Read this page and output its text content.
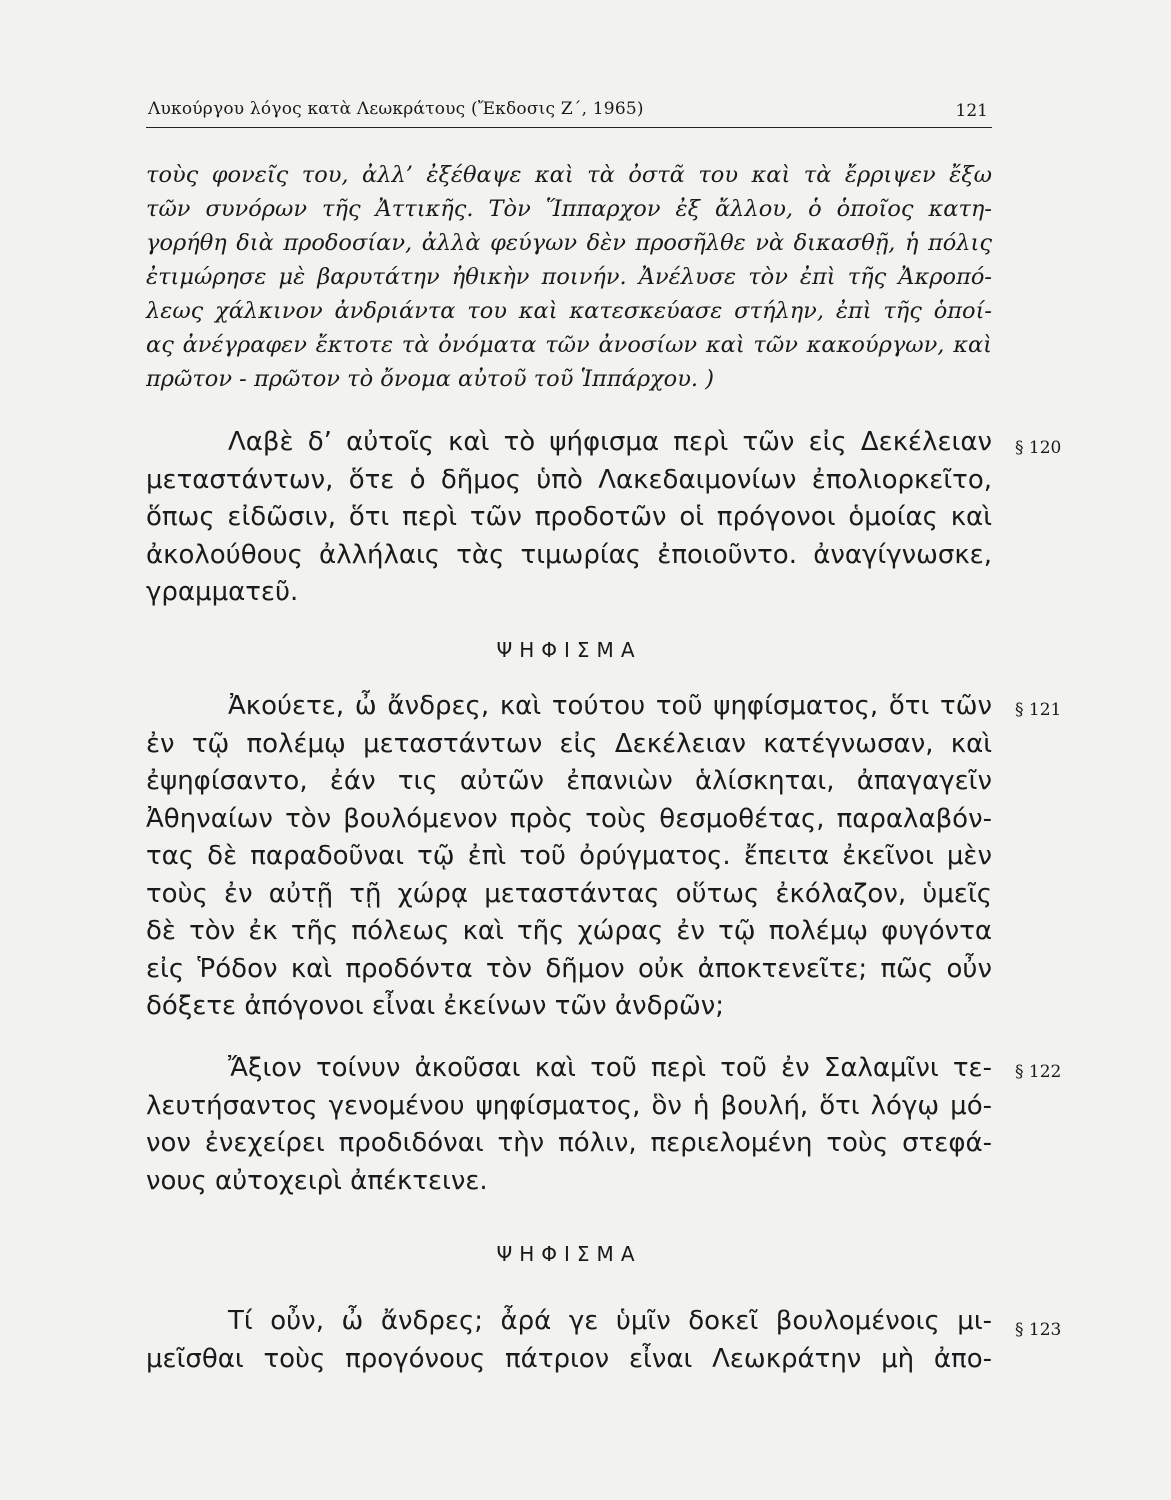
Λυκούργου λόγος κατὰ Λεωκράτους (Ἔκδοσις Ζ΄, 1965)	121
τοὺς φονεῖς του, ἀλλ’ ἐξέθαψε καὶ τὰ ὀστᾶ του καὶ τὰ ἔρριψεν ἔξω
τῶν συνόρων τῆς Ἀττικῆς. Τὸν Ἵππαρχον ἐξ ἄλλου, ὁ ὁποῖος κατη-
γορήθη διὰ προδοσίαν, ἀλλὰ φεύγων δὲν προσῆλθε νὰ δικασθῇ, ἡ πόλις
ἐτιμώρησε μὲ βαρυτάτην ἠθικὴν ποινήν. Ἀνέλυσε τὸν ἐπὶ τῆς Ἀκροπό-
λεως χάλκινον ἀνδριάντα του καὶ κατεσκεύασε στήλην, ἐπὶ τῆς ὁποί-
ας ἀνέγραφεν ἔκτοτε τὰ ὀνόματα τῶν ἀνοσίων καὶ τῶν κακούργων, καὶ
πρῶτον - πρῶτον τὸ ὄνομα αὐτοῦ τοῦ Ἱππάρχου. )
Λαβὲ δ’ αὐτοῖς καὶ τὸ ψήφισμα περὶ τῶν εἰς Δεκέλειαν
μεταστάντων, ὅτε ὁ δῆμος ὑπὸ Λακεδαιμονίων ἐπολιορκεῖτο,
ὅπως εἰδῶσιν, ὅτι περὶ τῶν προδοτῶν οἱ πρόγονοι ὁμοίας καὶ
ἀκολούθους ἀλλήλαις τὰς τιμωρίας ἐποιοῦντο. ἀναγίγνωσκε,
γραμματεῦ.
§ 120
ΨΗΦΙΣΜΑ
Ἀκούετε, ὦ ἄνδρες, καὶ τούτου τοῦ ψηφίσματος, ὅτι τῶν
ἐν τῷ πολέμῳ μεταστάντων εἰς Δεκέλειαν κατέγνωσαν, καὶ
ἐψηφίσαντο, ἐάν τις αὐτῶν ἐπανιὼν ἁλίσκηται, ἀπαγαγεῖν
Ἀθηναίων τὸν βουλόμενον πρὸς τοὺς θεσμοθέτας, παραλαβόν-
τας δὲ παραδοῦναι τῷ ἐπὶ τοῦ ὀρύγματος. ἔπειτα ἐκεῖνοι μὲν
τοὺς ἐν αὐτῇ τῇ χώρᾳ μεταστάντας οὕτως ἐκόλαζον, ὑμεῖς
δὲ τὸν ἐκ τῆς πόλεως καὶ τῆς χώρας ἐν τῷ πολέμῳ φυγόντα
εἰς Ῥόδον καὶ προδόντα τὸν δῆμον οὐκ ἀποκτενεῖτε; πῶς οὖν
δόξετε ἀπόγονοι εἶναι ἐκείνων τῶν ἀνδρῶν;
§ 121
Ἄξιον τοίνυν ἀκοῦσαι καὶ τοῦ περὶ τοῦ ἐν Σαλαμῖνι τε-
λευτήσαντος γενομένου ψηφίσματος, ὃν ἡ βουλή, ὅτι λόγῳ μό-
νον ἐνεχείρει προδιδόναι τὴν πόλιν, περιελομένη τοὺς στεφά-
νους αὐτοχειρὶ ἀπέκτεινε.
§ 122
ΨΗΦΙΣΜΑ
Τί οὖν, ὦ ἄνδρες; ἆρά γε ὑμῖν δοκεῖ βουλομένοις μι-
μεῖσθαι τοὺς προγόνους πάτριον εἶναι Λεωκράτην μὴ ἀπο-
§ 123
